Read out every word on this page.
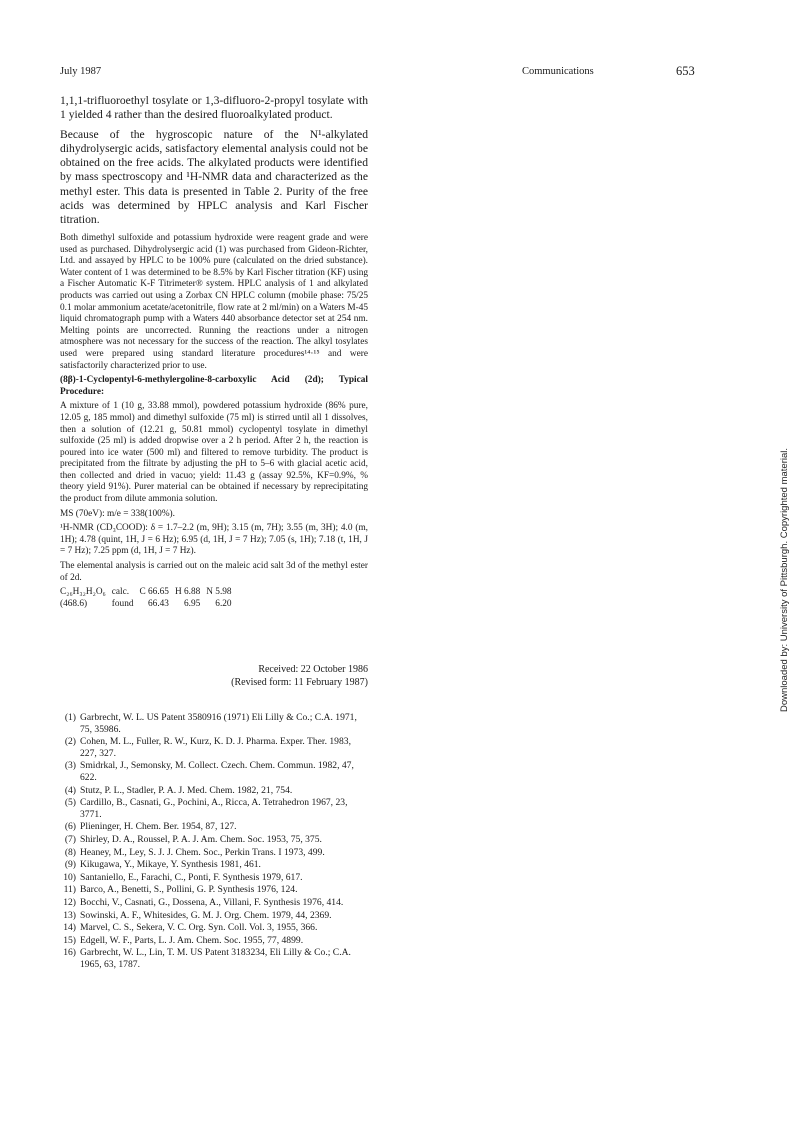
July 1987	Communications	653

1,1,1-trifluoroethyl tosylate or 1,3-difluoro-2-propyl tosylate with 1 yielded 4 rather than the desired fluoroalkylated product.

Because of the hygroscopic nature of the N¹-alkylated dihydrolysergic acids, satisfactory elemental analysis could not be obtained on the free acids. The alkylated products were identified by mass spectroscopy and ¹H-NMR data and characterized as the methyl ester. This data is presented in Table 2. Purity of the free acids was determined by HPLC analysis and Karl Fischer titration.

Both dimethyl sulfoxide and potassium hydroxide were reagent grade and were used as purchased. Dihydrolysergic acid (1) was purchased from Gideon-Richter, Ltd. and assayed by HPLC to be 100% pure (calculated on the dried substance). Water content of 1 was determined to be 8.5% by Karl Fischer titration (KF) using a Fischer Automatic K-F Titrimeter® system. HPLC analysis of 1 and alkylated products was carried out using a Zorbax CN HPLC column (mobile phase: 75/25 0.1 molar ammonium acetate/acetonitrile, flow rate at 2 ml/min) on a Waters M-45 liquid chromatograph pump with a Waters 440 absorbance detector set at 254 nm. Melting points are uncorrected. Running the reactions under a nitrogen atmosphere was not necessary for the success of the reaction. The alkyl tosylates used were prepared using standard literature procedures¹⁴·¹⁵ and were satisfactorily characterized prior to use.

(8β)-1-Cyclopentyl-6-methylergoline-8-carboxylic Acid (2d); Typical Procedure:

A mixture of 1 (10 g, 33.88 mmol), powdered potassium hydroxide (86% pure, 12.05 g, 185 mmol) and dimethyl sulfoxide (75 ml) is stirred until all 1 dissolves, then a solution of (12.21 g, 50.81 mmol) cyclopentyl tosylate in dimethyl sulfoxide (25 ml) is added dropwise over a 2 h period. After 2 h, the reaction is poured into ice water (500 ml) and filtered to remove turbidity. The product is precipitated from the filtrate by adjusting the pH to 5–6 with glacial acetic acid, then collected and dried in vacuo; yield: 11.43 g (assay 92.5%, KF=0.9%, % theory yield 91%). Purer material can be obtained if necessary by reprecipitating the product from dilute ammonia solution.

MS (70eV): m/e = 338(100%).

¹H-NMR (CD₃COOD): δ = 1.7–2.2 (m, 9H); 3.15 (m, 7H); 3.55 (m, 3H); 4.0 (m, 1H); 4.78 (quint, 1H, J = 6 Hz); 6.95 (d, 1H, J = 7 Hz); 7.05 (s, 1H); 7.18 (t, 1H, J = 7 Hz); 7.25 ppm (d, 1H, J = 7 Hz).

The elemental analysis is carried out on the maleic acid salt 3d of the methyl ester of 2d.

C₂₆H₃₂H₂O₆	calc.	C 66.65	H 6.88	N 5.98
(468.6)	found	66.43	6.95	6.20
Received: 22 October 1986
(Revised form: 11 February 1987)
(1) Garbrecht, W. L. US Patent 3580916 (1971) Eli Lilly & Co.; C.A. 1971, 75, 35986.
(2) Cohen, M. L., Fuller, R. W., Kurz, K. D. J. Pharma. Exper. Ther. 1983, 227, 327.
(3) Smidrkal, J., Semonsky, M. Collect. Czech. Chem. Commun. 1982, 47, 622.
(4) Stutz, P. L., Stadler, P. A. J. Med. Chem. 1982, 21, 754.
(5) Cardillo, B., Casnati, G., Pochini, A., Ricca, A. Tetrahedron 1967, 23, 3771.
(6) Plieninger, H. Chem. Ber. 1954, 87, 127.
(7) Shirley, D. A., Roussel, P. A. J. Am. Chem. Soc. 1953, 75, 375.
(8) Heaney, M., Ley, S. J. J. Chem. Soc., Perkin Trans. I 1973, 499.
(9) Kikugawa, Y., Mikaye, Y. Synthesis 1981, 461.
10) Santaniello, E., Farachi, C., Ponti, F. Synthesis 1979, 617.
11) Barco, A., Benetti, S., Pollini, G. P. Synthesis 1976, 124.
12) Bocchi, V., Casnati, G., Dossena, A., Villani, F. Synthesis 1976, 414.
13) Sowinski, A. F., Whitesides, G. M. J. Org. Chem. 1979, 44, 2369.
14) Marvel, C. S., Sekera, V. C. Org. Syn. Coll. Vol. 3, 1955, 366.
15) Edgell, W. F., Parts, L. J. Am. Chem. Soc. 1955, 77, 4899.
16) Garbrecht, W. L., Lin, T. M. US Patent 3183234, Eli Lilly & Co.; C.A. 1965, 63, 1787.
Downloaded by: University of Pittsburgh. Copyrighted material.
